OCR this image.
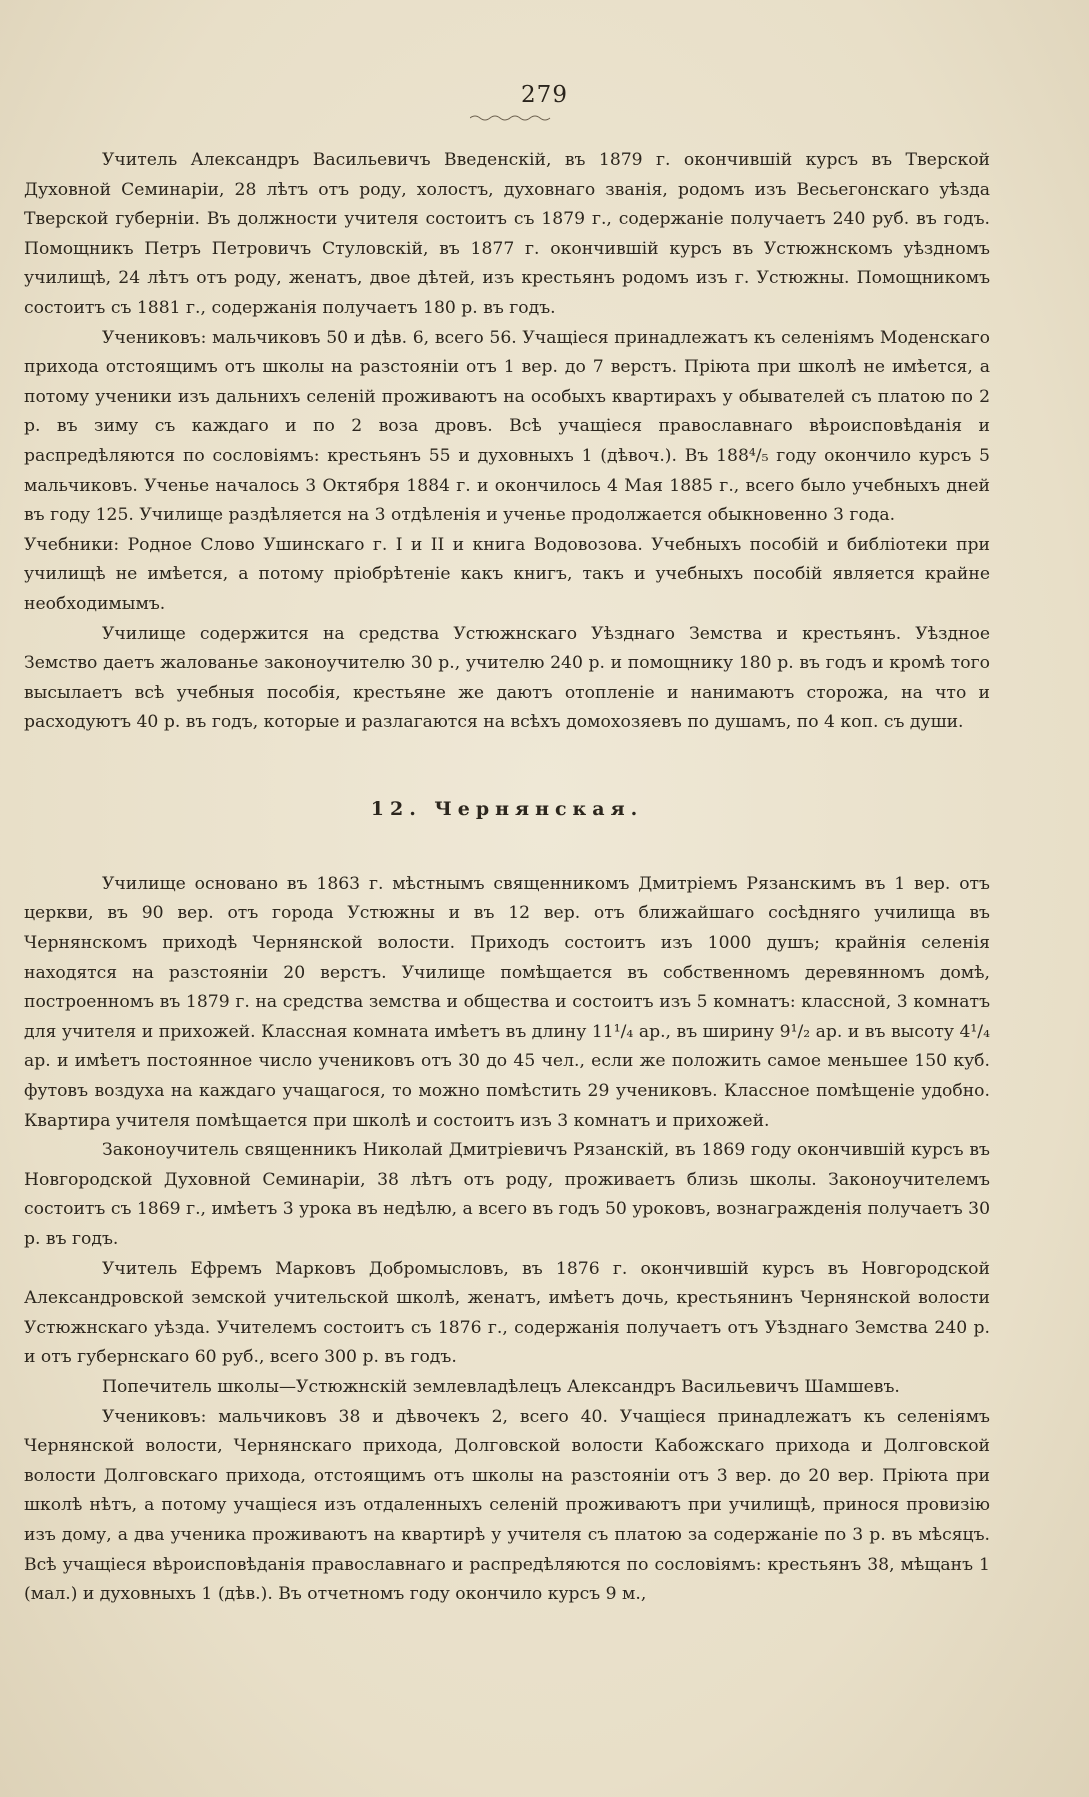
279

Учитель Александръ Васильевичъ Введенскій, въ 1879 г. окончившій курсъ въ Тверской Духовной Семинаріи, 28 лѣтъ отъ роду, холостъ, духовнаго званія, родомъ изъ Весьегонскаго уѣзда Тверской губерніи. Въ должности учителя состоитъ съ 1879 г., содержаніе получаетъ 240 руб. въ годъ. Помощникъ Петръ Петровичъ Стуловскій, въ 1877 г. окончившій курсъ въ Устюжнскомъ уѣздномъ училищѣ, 24 лѣтъ отъ роду, женатъ, двое дѣтей, изъ крестьянъ родомъ изъ г. Устюжны. Помощникомъ состоитъ съ 1881 г., содержанія получаетъ 180 р. въ годъ.

Учениковъ: мальчиковъ 50 и дѣв. 6, всего 56. Учащіеся принадлежатъ къ селеніямъ Моденскаго прихода отстоящимъ отъ школы на разстояніи отъ 1 вер. до 7 верстъ. Пріюта при школѣ не имѣется, а потому ученики изъ дальнихъ селеній проживаютъ на особыхъ квартирахъ у обывателей съ платою по 2 р. въ зиму съ каждаго и по 2 воза дровъ. Всѣ учащіеся православнаго вѣроисповѣданія и распредѣляются по сословіямъ: крестьянъ 55 и духовныхъ 1 (дѣвоч.). Въ 188⁴/₅ году окончило курсъ 5 мальчиковъ. Ученье началось 3 Октября 1884 г. и окончилось 4 Мая 1885 г., всего было учебныхъ дней въ году 125. Училище раздѣляется на 3 отдѣленія и ученье продолжается обыкновенно 3 года.

Учебники: Родное Слово Ушинскаго г. I и II и книга Водовозова. Учебныхъ пособій и библіотеки при училищѣ не имѣется, а потому пріобрѣтеніе какъ книгъ, такъ и учебныхъ пособій является крайне необходимымъ.

Училище содержится на средства Устюжнскаго Уѣзднаго Земства и крестьянъ. Уѣздное Земство даетъ жалованье законоучителю 30 р., учителю 240 р. и помощнику 180 р. въ годъ и кромѣ того высылаетъ всѣ учебныя пособія, крестьяне же даютъ отопленіе и нанимаютъ сторожа, на что и расходуютъ 40 р. въ годъ, которые и разлагаются на всѣхъ домохозяевъ по душамъ, по 4 коп. съ души.

12. Чернянская.

Училище основано въ 1863 г. мѣстнымъ священникомъ Дмитріемъ Рязанскимъ въ 1 вер. отъ церкви, въ 90 вер. отъ города Устюжны и въ 12 вер. отъ ближайшаго сосѣдняго училища въ Чернянскомъ приходѣ Чернянской волости. Приходъ состоитъ изъ 1000 душъ; крайнія селенія находятся на разстояніи 20 верстъ. Училище помѣщается въ собственномъ деревянномъ домѣ, построенномъ въ 1879 г. на средства земства и общества и состоитъ изъ 5 комнатъ: классной, 3 комнатъ для учителя и прихожей. Классная комната имѣетъ въ длину 11¹/₄ ар., въ ширину 9¹/₂ ар. и въ высоту 4¹/₄ ар. и имѣетъ постоянное число учениковъ отъ 30 до 45 чел., если же положить самое меньшее 150 куб. футовъ воздуха на каждаго учащагося, то можно помѣстить 29 учениковъ. Классное помѣщеніе удобно. Квартира учителя помѣщается при школѣ и состоитъ изъ 3 комнатъ и прихожей.

Законоучитель священникъ Николай Дмитріевичъ Рязанскій, въ 1869 году окончившій курсъ въ Новгородской Духовной Семинаріи, 38 лѣтъ отъ роду, проживаетъ близь школы. Законоучителемъ состоитъ съ 1869 г., имѣетъ 3 урока въ недѣлю, а всего въ годъ 50 уроковъ, вознагражденія получаетъ 30 р. въ годъ.

Учитель Ефремъ Марковъ Добромысловъ, въ 1876 г. окончившій курсъ въ Новгородской Александровской земской учительской школѣ, женатъ, имѣетъ дочь, крестьянинъ Чернянской волости Устюжнскаго уѣзда. Учителемъ состоитъ съ 1876 г., содержанія получаетъ отъ Уѣзднаго Земства 240 р. и отъ губернскаго 60 руб., всего 300 р. въ годъ.

Попечитель школы—Устюжнскій землевладѣлецъ Александръ Васильевичъ Шамшевъ.

Учениковъ: мальчиковъ 38 и дѣвочекъ 2, всего 40. Учащіеся принадлежатъ къ селеніямъ Чернянской волости, Чернянскаго прихода, Долговской волости Кабожскаго прихода и Долговской волости Долговскаго прихода, отстоящимъ отъ школы на разстояніи отъ 3 вер. до 20 вер. Пріюта при школѣ нѣтъ, а потому учащіеся изъ отдаленныхъ селеній проживаютъ при училищѣ, принося провизію изъ дому, а два ученика проживаютъ на квартирѣ у учителя съ платою за содержаніе по 3 р. въ мѣсяцъ. Всѣ учащіеся вѣроисповѣданія православнаго и распредѣляются по сословіямъ: крестьянъ 38, мѣщанъ 1 (мал.) и духовныхъ 1 (дѣв.). Въ отчетномъ году окончило курсъ 9 м.,
